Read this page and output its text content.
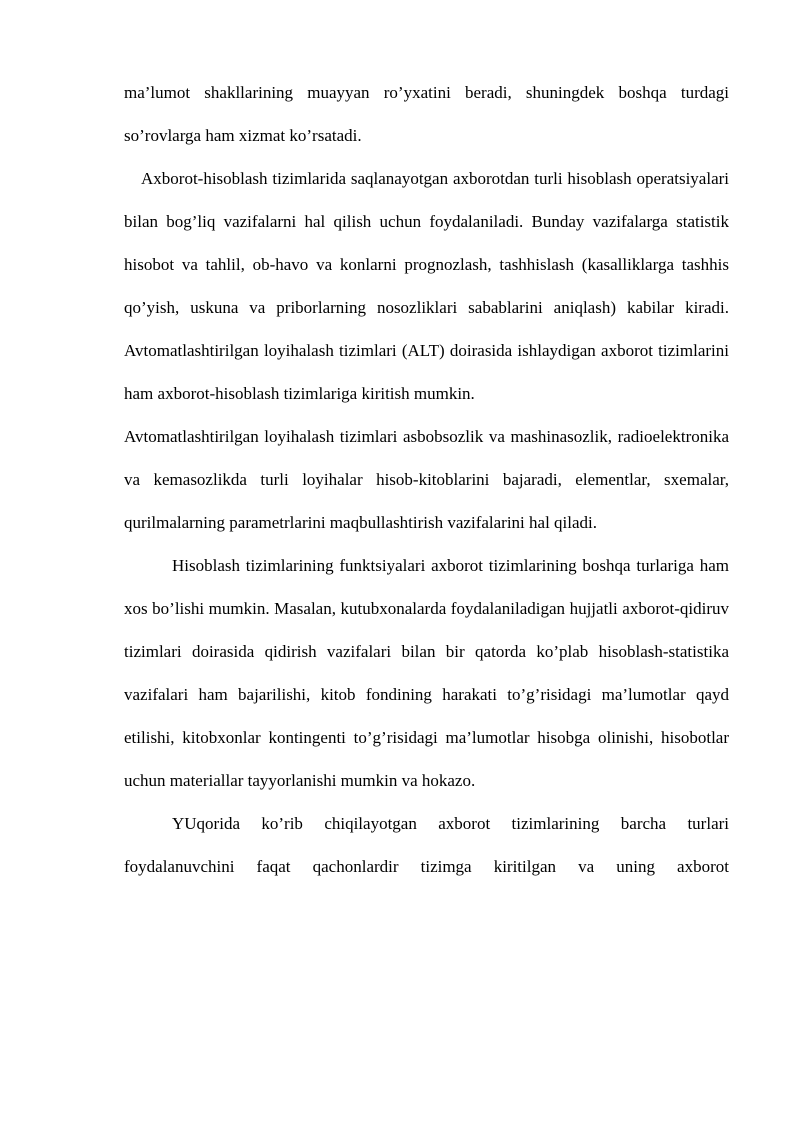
ma’lumot shakllarining muayyan ro’yxatini beradi, shuningdek boshqa turdagi so’rovlarga ham xizmat ko’rsatadi.

Axborot-hisoblash tizimlarida saqlanayotgan axborotdan turli hisoblash operatsiyalari bilan bog’liq vazifalarni hal qilish uchun foydalaniladi. Bunday vazifalarga statistik hisobot va tahlil, ob-havo va konlarni prognozlash, tashhislash (kasalliklarga tashhis qo’yish, uskuna va priborlarning nosozliklari sabablarini aniqlash) kabilar kiradi. Avtomatlashtirilgan loyihalash tizimlari (ALT) doirasida ishlaydigan axborot tizimlarini ham axborot-hisoblash tizimlariga kiritish mumkin.

Avtomatlashtirilgan loyihalash tizimlari asbobsozlik va mashinasozlik, radioelektronika va kemasozlikda turli loyihalar hisob-kitoblarini bajaradi, elementlar, sxemalar, qurilmalarning parametrlarini maqbullashtirish vazifalarini hal qiladi.

Hisoblash tizimlarining funktsiyalari axborot tizimlarining boshqa turlariga ham xos bo’lishi mumkin. Masalan, kutubxonalarda foydalaniladigan hujjatli axborot-qidiruv tizimlari doirasida qidirish vazifalari bilan bir qatorda ko’plab hisoblash-statistika vazifalari ham bajarilishi, kitob fondining harakati to’g’risidagi ma’lumotlar qayd etilishi, kitobxonlar kontingenti to’g’risidagi ma’lumotlar hisobga olinishi, hisobotlar uchun materiallar tayyorlanishi mumkin va hokazo.

YUqorida ko’rib chiqilayotgan axborot tizimlarining barcha turlari foydalanuvchini faqat qachonlardir tizimga kiritilgan va uning axborot
